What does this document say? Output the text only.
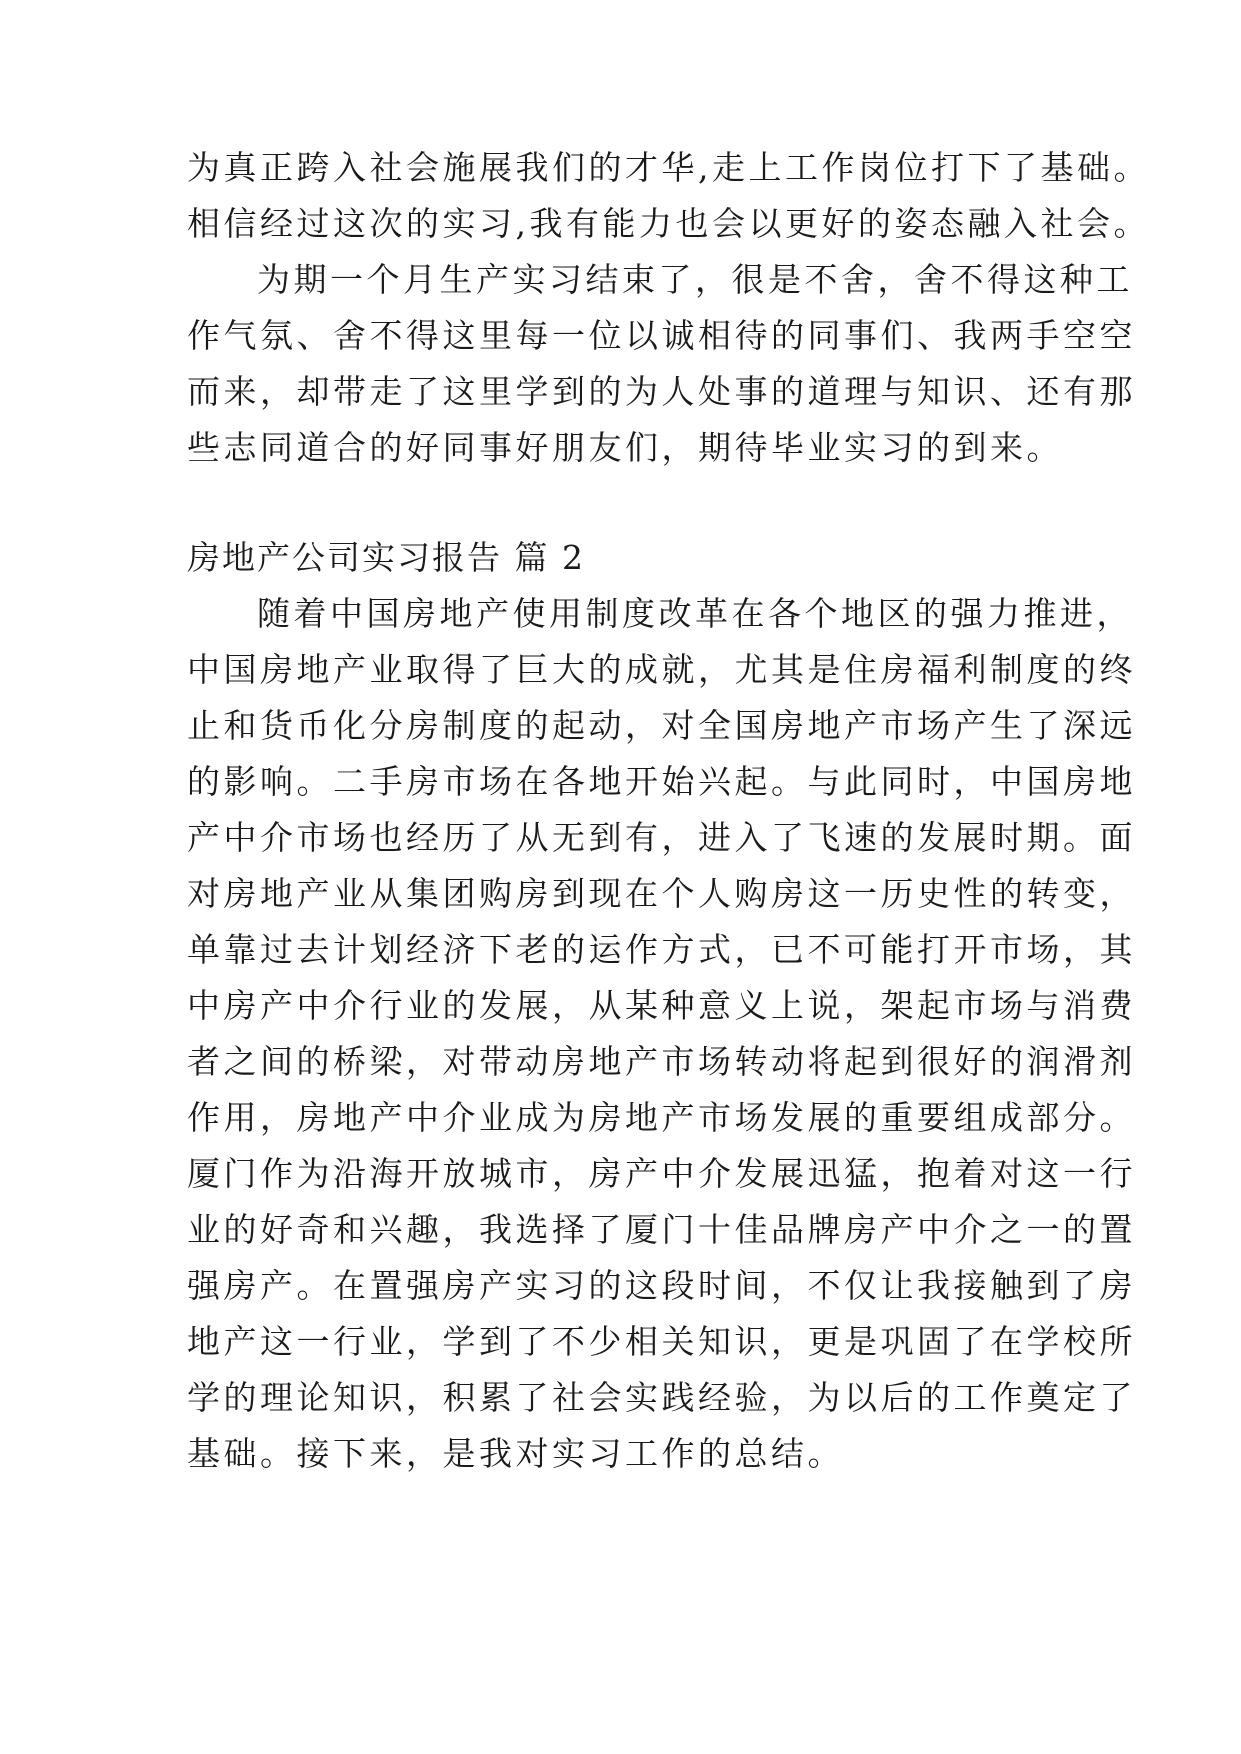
为真正跨入社会施展我们的才华,走上工作岗位打下了基础。

相信经过这次的实习,我有能力也会以更好的姿态融入社会。

为期一个月生产实习结束了，很是不舍，舍不得这种工

作气氛、舍不得这里每一位以诚相待的同事们、我两手空空

而来，却带走了这里学到的为人处事的道理与知识、还有那

些志同道合的好同事好朋友们，期待毕业实习的到来。

房地产公司实习报告 篇 2

随着中国房地产使用制度改革在各个地区的强力推进，

中国房地产业取得了巨大的成就，尤其是住房福利制度的终

止和货币化分房制度的起动，对全国房地产市场产生了深远

的影响。二手房市场在各地开始兴起。与此同时，中国房地

产中介市场也经历了从无到有，进入了飞速的发展时期。面

对房地产业从集团购房到现在个人购房这一历史性的转变，

单靠过去计划经济下老的运作方式，已不可能打开市场，其

中房产中介行业的发展，从某种意义上说，架起市场与消费

者之间的桥梁，对带动房地产市场转动将起到很好的润滑剂

作用，房地产中介业成为房地产市场发展的重要组成部分。

厦门作为沿海开放城市，房产中介发展迅猛，抱着对这一行

业的好奇和兴趣，我选择了厦门十佳品牌房产中介之一的置

强房产。在置强房产实习的这段时间，不仅让我接触到了房

地产这一行业，学到了不少相关知识，更是巩固了在学校所

学的理论知识，积累了社会实践经验，为以后的工作奠定了

基础。接下来，是我对实习工作的总结。
